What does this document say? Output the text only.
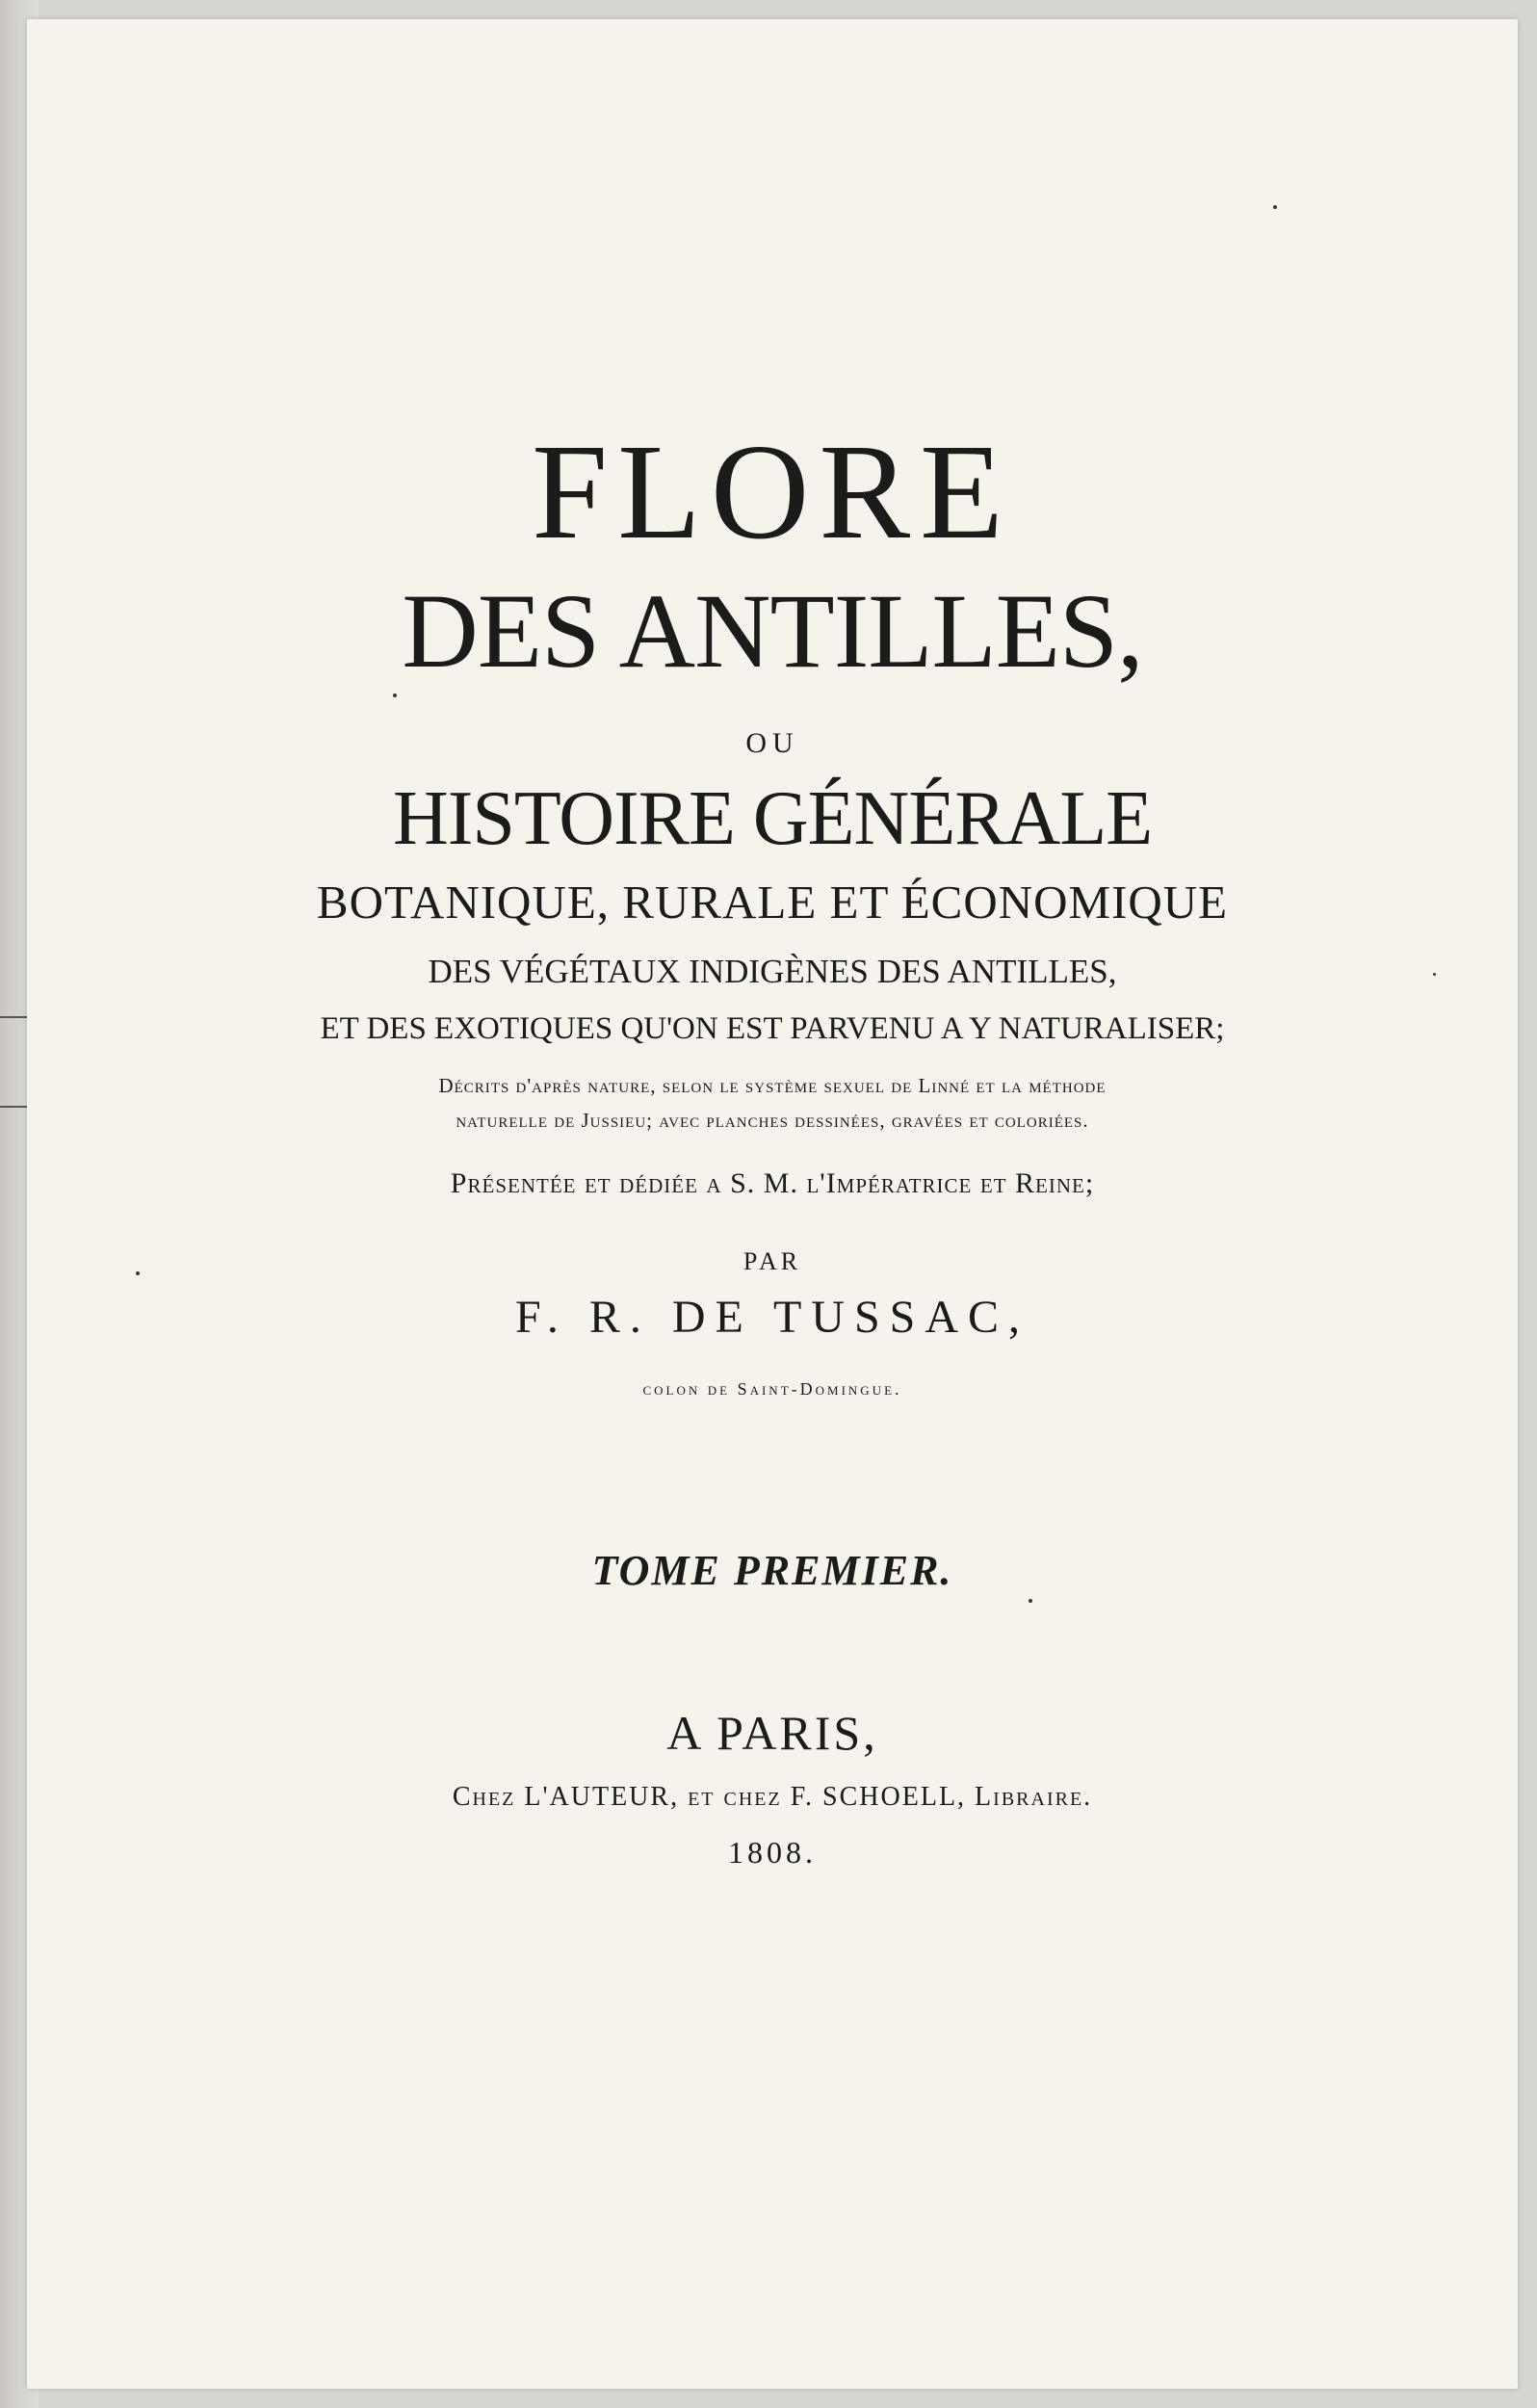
FLORE
DES ANTILLES,
OU
HISTOIRE GÉNÉRALE
BOTANIQUE, RURALE ET ÉCONOMIQUE
DES VÉGÉTAUX INDIGÈNES DES ANTILLES,
ET DES EXOTIQUES QU'ON EST PARVENU A Y NATURALISER;
Décrits d'après nature, selon le système sexuel de Linné et la méthode
naturelle de Jussieu; avec planches dessinées, gravées et coloriées.
Présentée et dédiée a S. M. l'Impératrice et Reine;
PAR
F. R. DE TUSSAC,
colon de Saint-Domingue.
TOME PREMIER.
A PARIS,
Chez L'AUTEUR, et chez F. SCHOELL, Libraire.
1808.
